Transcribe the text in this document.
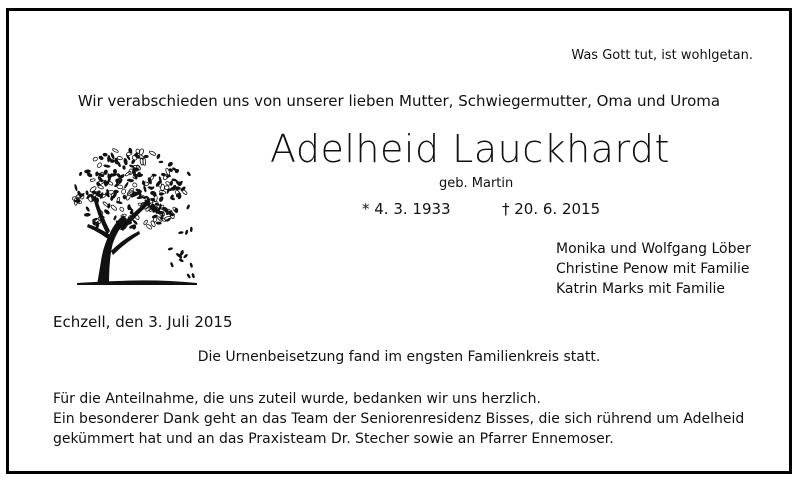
Was Gott tut, ist wohlgetan.
Wir verabschieden uns von unserer lieben Mutter, Schwiegermutter, Oma und Uroma
Adelheid Lauckhardt
geb. Martin
* 4. 3. 1933	† 20. 6. 2015
Monika und Wolfgang Löber
Christine Penow mit Familie
Katrin Marks mit Familie
Echzell, den 3. Juli 2015
Die Urnenbeisetzung fand im engsten Familienkreis statt.
Für die Anteilnahme, die uns zuteil wurde, bedanken wir uns herzlich.
Ein besonderer Dank geht an das Team der Seniorenresidenz Bisses, die sich rührend um Adelheid
gekümmert hat und an das Praxisteam Dr. Stecher sowie an Pfarrer Ennemoser.
